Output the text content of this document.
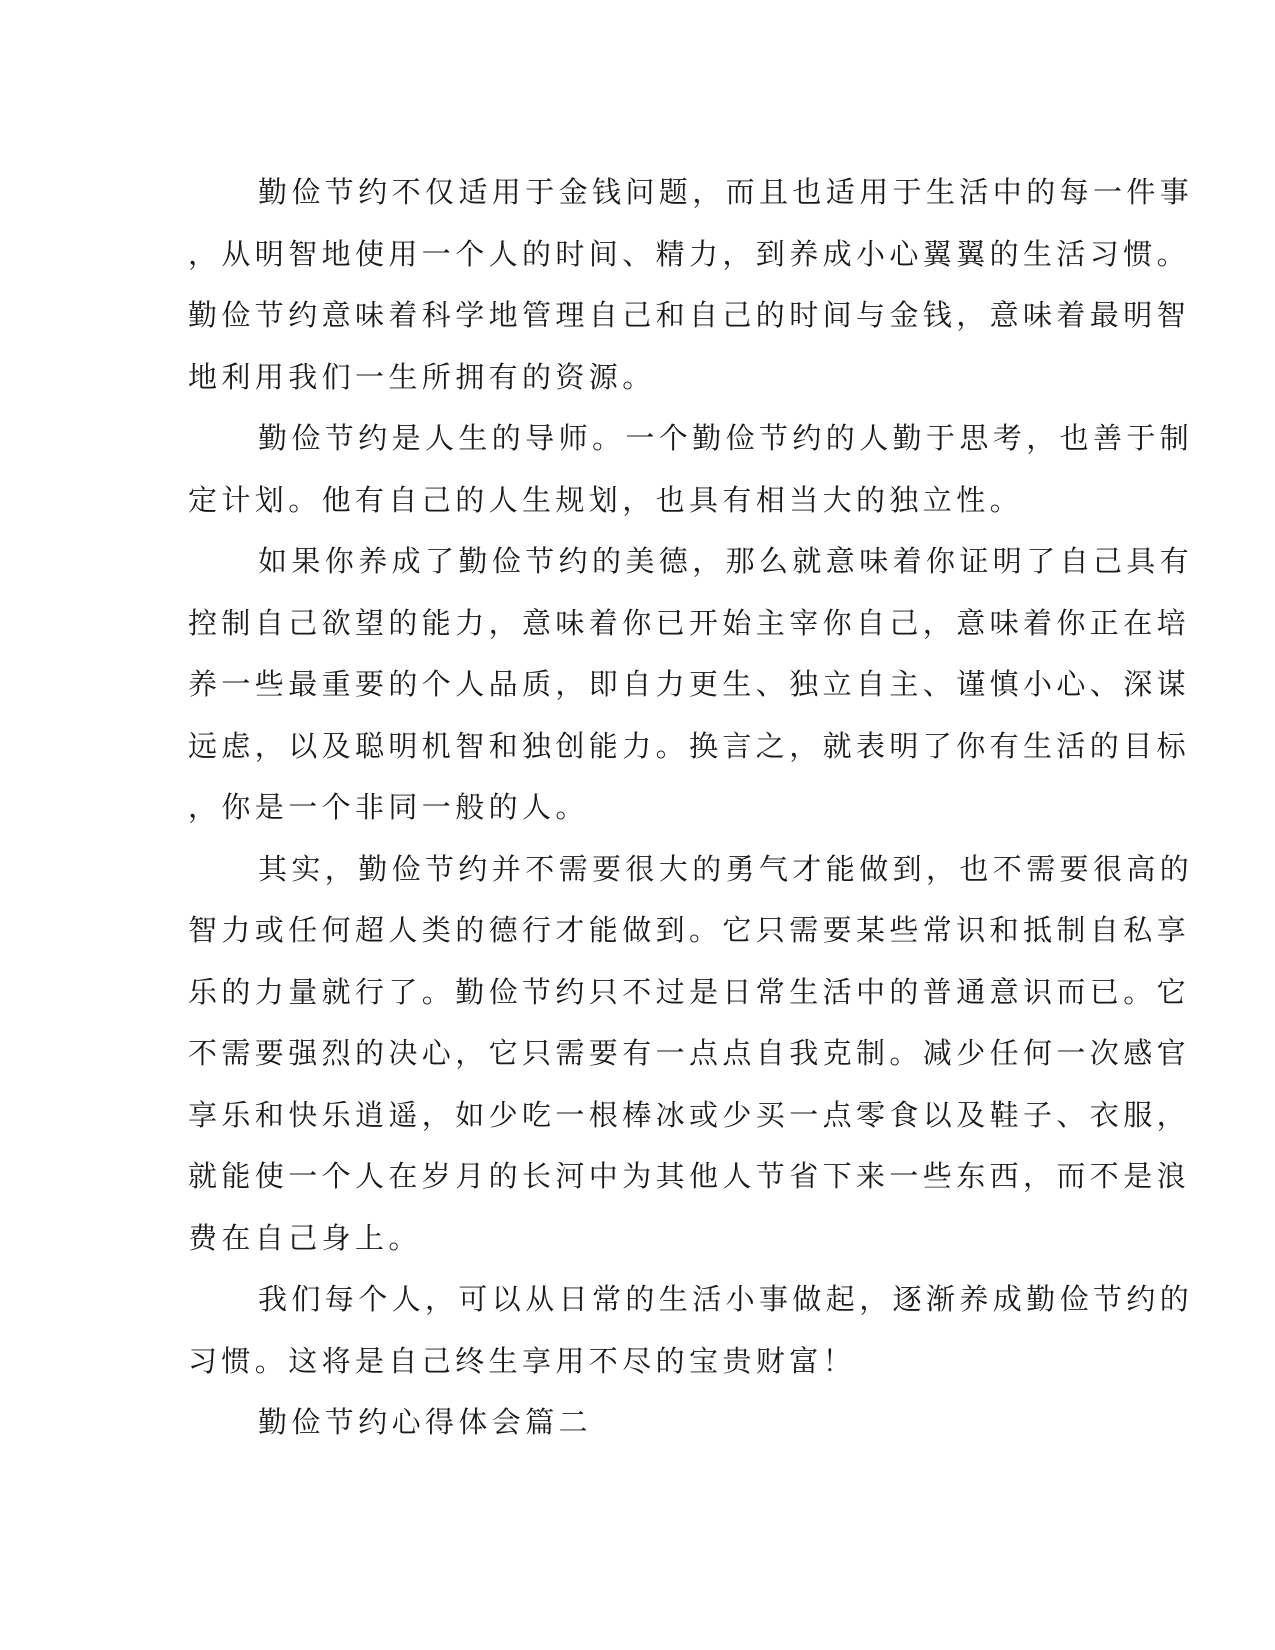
勤俭节约不仅适用于金钱问题，而且也适用于生活中的每一件事
，从明智地使用一个人的时间、精力，到养成小心翼翼的生活习惯。
勤俭节约意味着科学地管理自己和自己的时间与金钱，意味着最明智
地利用我们一生所拥有的资源。

勤俭节约是人生的导师。一个勤俭节约的人勤于思考，也善于制
定计划。他有自己的人生规划，也具有相当大的独立性。

如果你养成了勤俭节约的美德，那么就意味着你证明了自己具有
控制自己欲望的能力，意味着你已开始主宰你自己，意味着你正在培
养一些最重要的个人品质，即自力更生、独立自主、谨慎小心、深谋
远虑，以及聪明机智和独创能力。换言之，就表明了你有生活的目标
，你是一个非同一般的人。

其实，勤俭节约并不需要很大的勇气才能做到，也不需要很高的
智力或任何超人类的德行才能做到。它只需要某些常识和抵制自私享
乐的力量就行了。勤俭节约只不过是日常生活中的普通意识而已。它
不需要强烈的决心，它只需要有一点点自我克制。减少任何一次感官
享乐和快乐逍遥，如少吃一根棒冰或少买一点零食以及鞋子、衣服，
就能使一个人在岁月的长河中为其他人节省下来一些东西，而不是浪
费在自己身上。

我们每个人，可以从日常的生活小事做起，逐渐养成勤俭节约的
习惯。这将是自己终生享用不尽的宝贵财富！

勤俭节约心得体会篇二
